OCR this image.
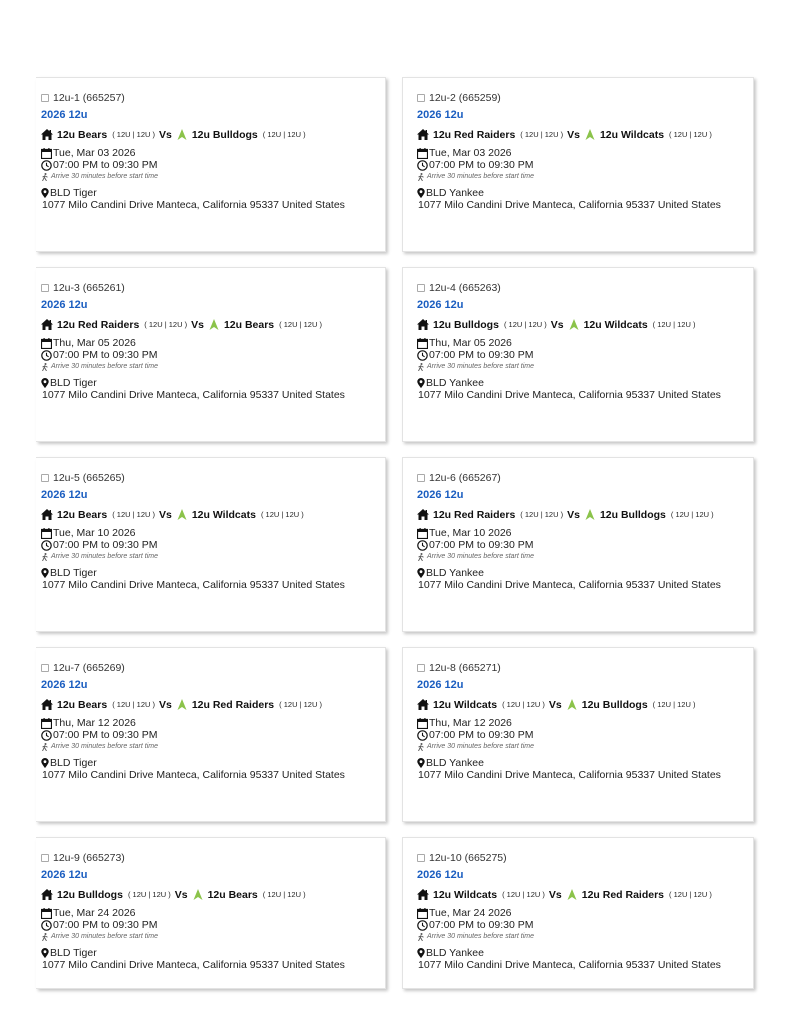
12u-1 (665257)
2026 12u
12u Bears ( 12U | 12U ) Vs 12u Bulldogs ( 12U | 12U )
Tue, Mar 03 2026
07:00 PM to 09:30 PM
Arrive 30 minutes before start time
BLD Tiger
1077 Milo Candini Drive Manteca, California 95337 United States
12u-2 (665259)
2026 12u
12u Red Raiders ( 12U | 12U ) Vs 12u Wildcats ( 12U | 12U )
Tue, Mar 03 2026
07:00 PM to 09:30 PM
Arrive 30 minutes before start time
BLD Yankee
1077 Milo Candini Drive Manteca, California 95337 United States
12u-3 (665261)
2026 12u
12u Red Raiders ( 12U | 12U ) Vs 12u Bears ( 12U | 12U )
Thu, Mar 05 2026
07:00 PM to 09:30 PM
Arrive 30 minutes before start time
BLD Tiger
1077 Milo Candini Drive Manteca, California 95337 United States
12u-4 (665263)
2026 12u
12u Bulldogs ( 12U | 12U ) Vs 12u Wildcats ( 12U | 12U )
Thu, Mar 05 2026
07:00 PM to 09:30 PM
Arrive 30 minutes before start time
BLD Yankee
1077 Milo Candini Drive Manteca, California 95337 United States
12u-5 (665265)
2026 12u
12u Bears ( 12U | 12U ) Vs 12u Wildcats ( 12U | 12U )
Tue, Mar 10 2026
07:00 PM to 09:30 PM
Arrive 30 minutes before start time
BLD Tiger
1077 Milo Candini Drive Manteca, California 95337 United States
12u-6 (665267)
2026 12u
12u Red Raiders ( 12U | 12U ) Vs 12u Bulldogs ( 12U | 12U )
Tue, Mar 10 2026
07:00 PM to 09:30 PM
Arrive 30 minutes before start time
BLD Yankee
1077 Milo Candini Drive Manteca, California 95337 United States
12u-7 (665269)
2026 12u
12u Bears ( 12U | 12U ) Vs 12u Red Raiders ( 12U | 12U )
Thu, Mar 12 2026
07:00 PM to 09:30 PM
Arrive 30 minutes before start time
BLD Tiger
1077 Milo Candini Drive Manteca, California 95337 United States
12u-8 (665271)
2026 12u
12u Wildcats ( 12U | 12U ) Vs 12u Bulldogs ( 12U | 12U )
Thu, Mar 12 2026
07:00 PM to 09:30 PM
Arrive 30 minutes before start time
BLD Yankee
1077 Milo Candini Drive Manteca, California 95337 United States
12u-9 (665273)
2026 12u
12u Bulldogs ( 12U | 12U ) Vs 12u Bears ( 12U | 12U )
Tue, Mar 24 2026
07:00 PM to 09:30 PM
Arrive 30 minutes before start time
BLD Tiger
1077 Milo Candini Drive Manteca, California 95337 United States
12u-10 (665275)
2026 12u
12u Wildcats ( 12U | 12U ) Vs 12u Red Raiders ( 12U | 12U )
Tue, Mar 24 2026
07:00 PM to 09:30 PM
Arrive 30 minutes before start time
BLD Yankee
1077 Milo Candini Drive Manteca, California 95337 United States
